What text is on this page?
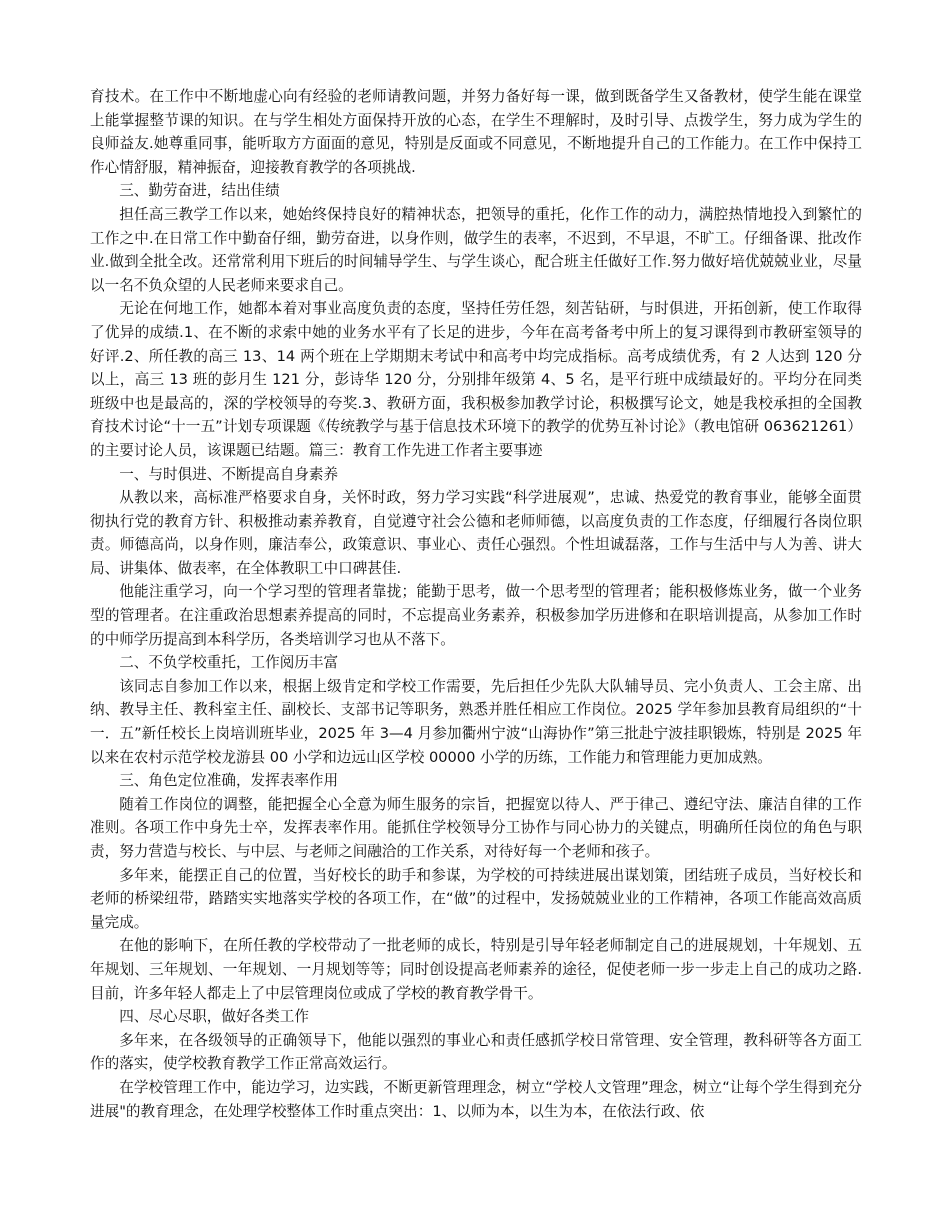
育技术。在工作中不断地虚心向有经验的老师请教问题，并努力备好每一课，做到既备学生又备教材，使学生能在课堂上能掌握整节课的知识。在与学生相处方面保持开放的心态，在学生不理解时，及时引导、点拨学生，努力成为学生的良师益友.她尊重同事，能听取方方面面的意见，特别是反面或不同意见，不断地提升自己的工作能力。在工作中保持工作心情舒服，精神振奋，迎接教育教学的各项挑战.

三、勤劳奋进，结出佳绩

担任高三教学工作以来，她始终保持良好的精神状态，把领导的重托，化作工作的动力，满腔热情地投入到繁忙的工作之中.在日常工作中勤奋仔细，勤劳奋进，以身作则，做学生的表率，不迟到，不早退，不旷工。仔细备课、批改作业.做到全批全改。还常常利用下班后的时间辅导学生、与学生谈心，配合班主任做好工作.努力做好培优兢兢业业，尽量以一名不负众望的人民老师来要求自己。

无论在何地工作，她都本着对事业高度负责的态度，坚持任劳任怨，刻苦钻研，与时俱进，开拓创新，使工作取得了优异的成绩.1、在不断的求索中她的业务水平有了长足的进步，今年在高考备考中所上的复习课得到市教研室领导的好评.2、所任教的高三 13、14 两个班在上学期期末考试中和高考中均完成指标。高考成绩优秀，有 2 人达到 120 分以上，高三 13 班的彭月生 121 分，彭诗华 120 分，分别排年级第 4、5 名，是平行班中成绩最好的。平均分在同类班级中也是最高的，深的学校领导的夸奖.3、教研方面，我积极参加教学讨论，积极撰写论文，她是我校承担的全国教育技术讨论“十一五”计划专项课题《传统教学与基于信息技术环境下的教学的优势互补讨论》（教电馆研 063621261）的主要讨论人员，该课题已结题。篇三：教育工作先进工作者主要事迹

一、与时俱进、不断提高自身素养

从教以来，高标准严格要求自身，关怀时政，努力学习实践“科学进展观”，忠诚、热爱党的教育事业，能够全面贯彻执行党的教育方针、积极推动素养教育，自觉遵守社会公德和老师师德，以高度负责的工作态度，仔细履行各岗位职责。师德高尚，以身作则，廉洁奉公，政策意识、事业心、责任心强烈。个性坦诚磊落，工作与生活中与人为善、讲大局、讲集体、做表率，在全体教职工中口碑甚佳.

他能注重学习，向一个学习型的管理者靠拢；能勤于思考，做一个思考型的管理者；能积极修炼业务，做一个业务型的管理者。在注重政治思想素养提高的同时，不忘提高业务素养，积极参加学历进修和在职培训提高，从参加工作时的中师学历提高到本科学历，各类培训学习也从不落下。

二、不负学校重托，工作阅历丰富

该同志自参加工作以来，根据上级肯定和学校工作需要，先后担任少先队大队辅导员、完小负责人、工会主席、出纳、教导主任、教科室主任、副校长、支部书记等职务，熟悉并胜任相应工作岗位。2025 学年参加县教育局组织的“十一．五”新任校长上岗培训班毕业，2025 年 3—4 月参加衢州宁波“山海协作”第三批赴宁波挂职锻炼，特别是 2025 年以来在农村示范学校龙游县 00 小学和边远山区学校 00000 小学的历练，工作能力和管理能力更加成熟。

三、角色定位准确，发挥表率作用

随着工作岗位的调整，能把握全心全意为师生服务的宗旨，把握宽以待人、严于律己、遵纪守法、廉洁自律的工作准则。各项工作中身先士卒，发挥表率作用。能抓住学校领导分工协作与同心协力的关键点，明确所任岗位的角色与职责，努力营造与校长、与中层、与老师之间融洽的工作关系，对待好每一个老师和孩子。

多年来，能摆正自己的位置，当好校长的助手和参谋，为学校的可持续进展出谋划策，团结班子成员，当好校长和老师的桥梁纽带，踏踏实实地落实学校的各项工作，在“做”的过程中，发扬兢兢业业的工作精神，各项工作能高效高质量完成。

在他的影响下，在所任教的学校带动了一批老师的成长，特别是引导年轻老师制定自己的进展规划，十年规划、五年规划、三年规划、一年规划、一月规划等等；同时创设提高老师素养的途径，促使老师一步一步走上自己的成功之路.目前，许多年轻人都走上了中层管理岗位或成了学校的教育教学骨干。

四、尽心尽职，做好各类工作

多年来，在各级领导的正确领导下，他能以强烈的事业心和责任感抓学校日常管理、安全管理，教科研等各方面工作的落实，使学校教育教学工作正常高效运行。

在学校管理工作中，能边学习，边实践，不断更新管理理念，树立“学校人文管理”理念，树立“让每个学生得到充分进展"的教育理念，在处理学校整体工作时重点突出：1、以师为本，以生为本，在依法行政、依
